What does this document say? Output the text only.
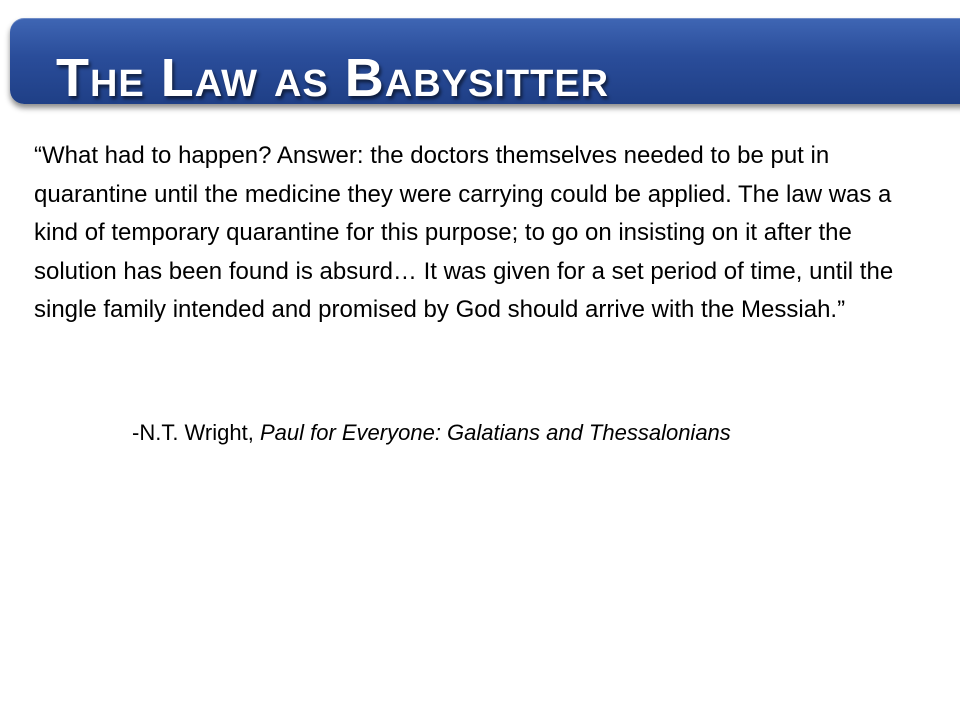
The Law as Babysitter
“What had to happen? Answer: the doctors themselves needed to be put in quarantine until the medicine they were carrying could be applied. The law was a kind of temporary quarantine for this purpose; to go on insisting on it after the solution has been found is absurd… It was given for a set period of time, until the single family intended and promised by God should arrive with the Messiah.”
-N.T. Wright, Paul for Everyone: Galatians and Thessalonians
